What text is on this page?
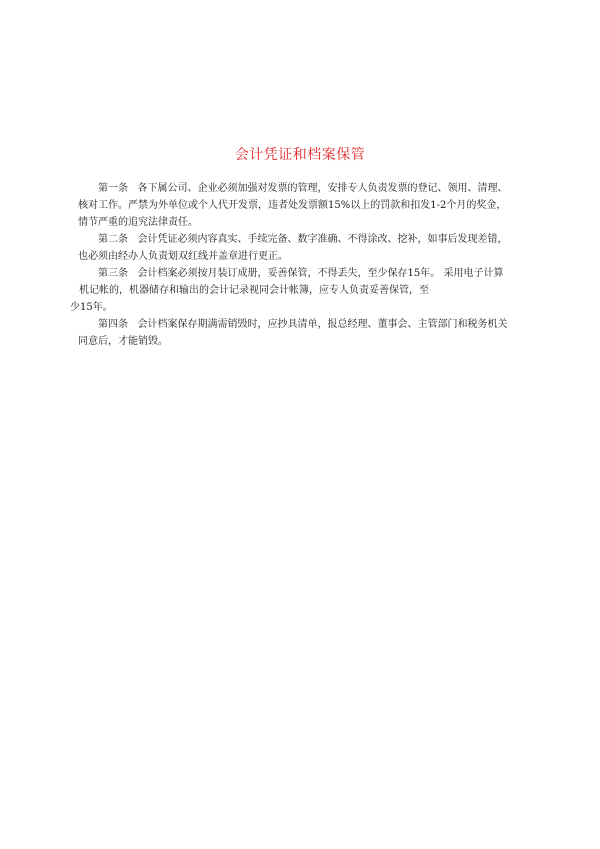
会计凭证和档案保管
第一条 各下属公司、企业必须加强对发票的管理，安排专人负责发票的登记、领用、清理、
核对工作。严禁为外单位或个人代开发票，违者处发票额15%以上的罚款和扣发1-2个月的奖金，
情节严重的追究法律责任。
第二条 会计凭证必须内容真实、手续完备、数字准确、不得涂改、挖补，如事后发现差错，
也必须由经办人负责划双红线并盖章进行更正。
第三条 会计档案必须按月装订成册，妥善保管，不得丢失，至少保存15年。 采用电子计算
机记帐的，机器储存和输出的会计记录视同会计帐簿，应专人负责妥善保管，至
少15年。
第四条 会计档案保存期满需销毁时，应抄具清单，报总经理、董事会、主管部门和税务机关
同意后，才能销毁。
